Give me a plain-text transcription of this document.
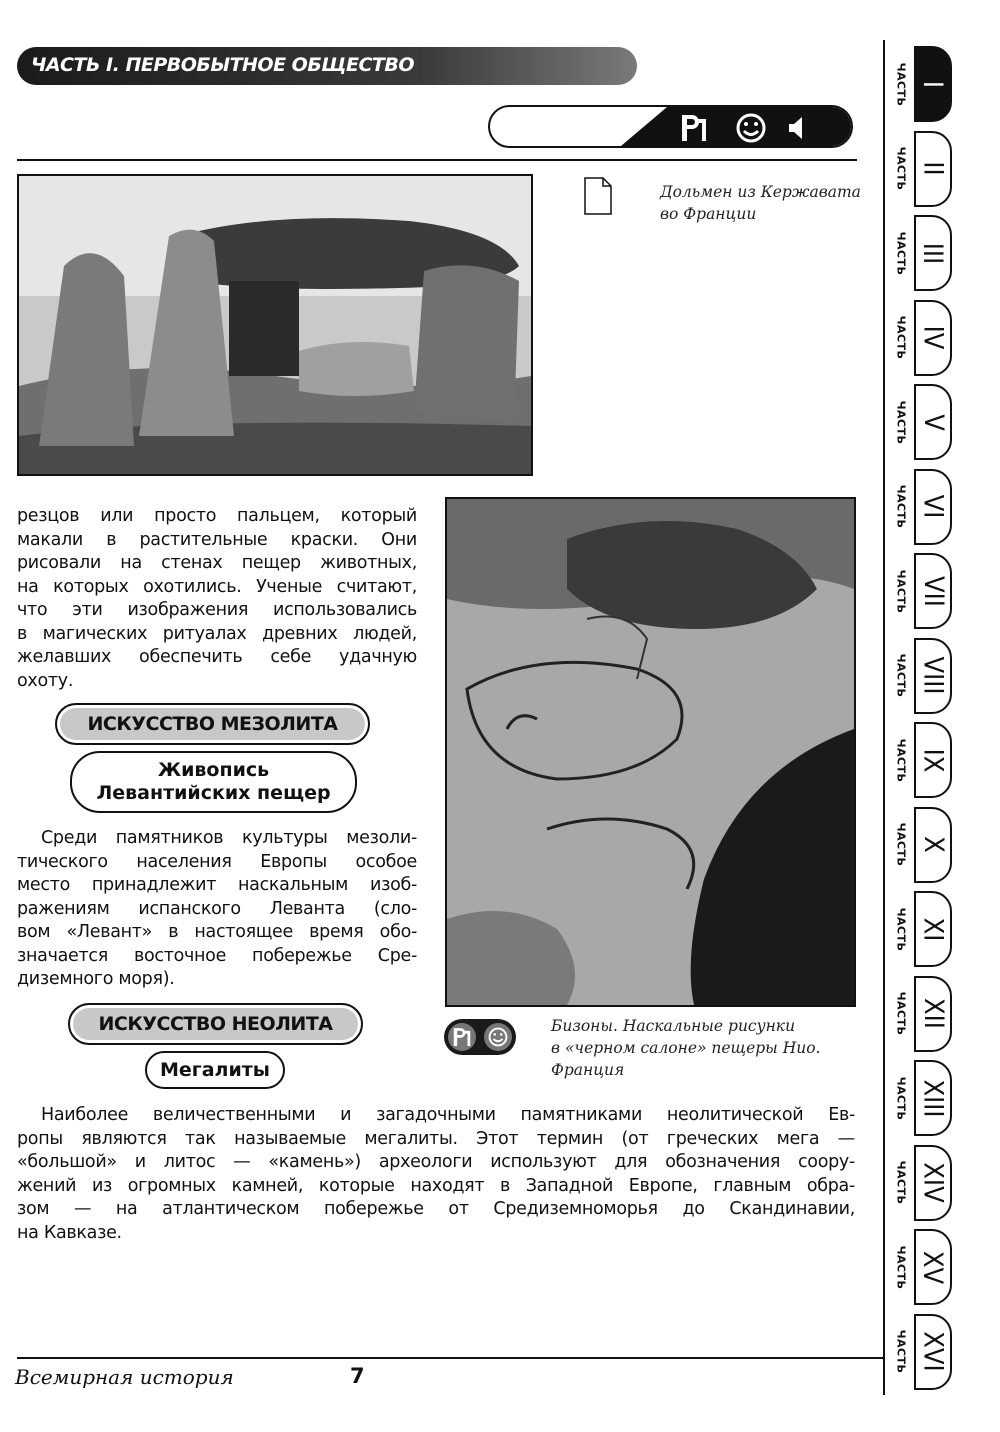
ЧАСТЬ I. ПЕРВОБЫТНОЕ ОБЩЕСТВО
Дольмен из Кержавата
во Франции

резцов или просто пальцем, который

макали в растительные краски. Они

рисовали на стенах пещер животных,

на которых охотились. Ученые считают,

что эти изображения использовались

в магических ритуалах древних людей,

желавших обеспечить себе удачную

охоту.

ИСКУССТВО МЕЗОЛИТА
Живопись
Левантийских пещер

Среди памятников культуры мезоли-

тического населения Европы особое

место принадлежит наскальным изоб-

ражениям испанского Леванта (сло-

вом «Левант» в настоящее время обо-

значается восточное побережье Сре-

диземного моря).

ИСКУССТВО НЕОЛИТА
Мегалиты
Бизоны. Наскальные рисунки
в «черном салоне» пещеры Нио.
Франция

Наиболее величественными и загадочными памятниками неолитической Ев-

ропы являются так называемые мегалиты. Этот термин (от греческих мега —

«большой» и литос — «камень») археологи используют для обозначения соору-

жений из огромных камней, которые находят в Западной Европе, главным обра-

зом — на атлантическом побережье от Средиземноморья до Скандинавии,

на Кавказе.

ЧАСТЬ I
ЧАСТЬ II
ЧАСТЬ III
ЧАСТЬ IV
ЧАСТЬ V
ЧАСТЬ VI
ЧАСТЬ VII
ЧАСТЬ VIII
ЧАСТЬ IX
ЧАСТЬ X
ЧАСТЬ XI
ЧАСТЬ XII
ЧАСТЬ XIII
ЧАСТЬ XIV
ЧАСТЬ XV
ЧАСТЬ XVI
Всемирная история	7
